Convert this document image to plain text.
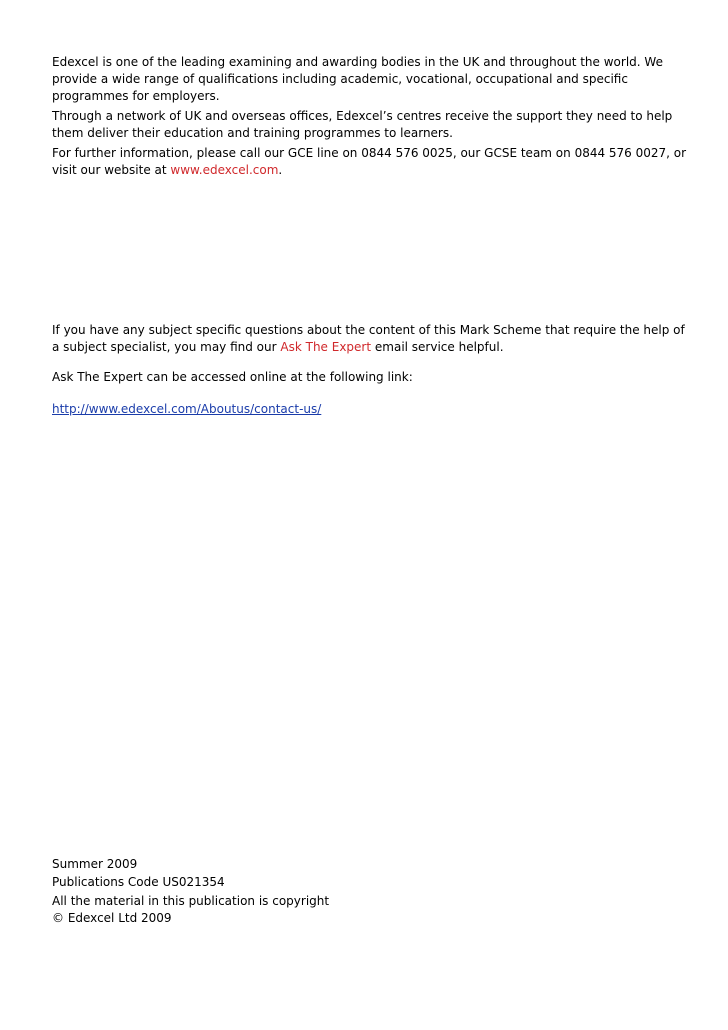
Edexcel is one of the leading examining and awarding bodies in the UK and throughout the world. We provide a wide range of qualifications including academic, vocational, occupational and specific programmes for employers.

Through a network of UK and overseas offices, Edexcel’s centres receive the support they need to help them deliver their education and training programmes to learners.

For further information, please call our GCE line on 0844 576 0025, our GCSE team on 0844 576 0027, or visit our website at www.edexcel.com.

If you have any subject specific questions about the content of this Mark Scheme that require the help of a subject specialist, you may find our Ask The Expert email service helpful.

Ask The Expert can be accessed online at the following link:

http://www.edexcel.com/Aboutus/contact-us/

Summer 2009
Publications Code US021354
All the material in this publication is copyright
© Edexcel Ltd 2009
